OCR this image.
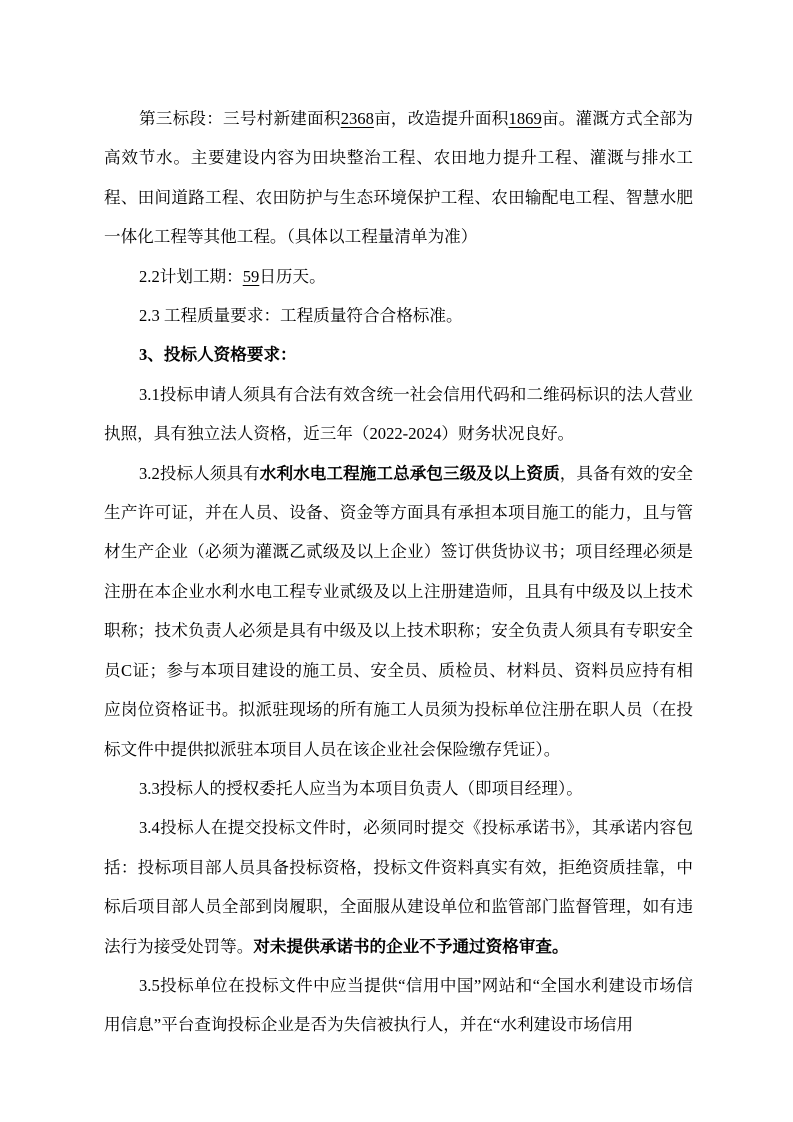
第三标段：三号村新建面积2368亩，改造提升面积1869亩。灌溉方式全部为高效节水。主要建设内容为田块整治工程、农田地力提升工程、灌溉与排水工程、田间道路工程、农田防护与生态环境保护工程、农田输配电工程、智慧水肥一体化工程等其他工程。（具体以工程量清单为准）

2.2计划工期：59日历天。

2.3 工程质量要求：工程质量符合合格标准。

3、投标人资格要求：

3.1投标申请人须具有合法有效含统一社会信用代码和二维码标识的法人营业执照，具有独立法人资格，近三年（2022-2024）财务状况良好。

3.2投标人须具有水利水电工程施工总承包三级及以上资质，具备有效的安全生产许可证，并在人员、设备、资金等方面具有承担本项目施工的能力，且与管材生产企业（必须为灌溉乙贰级及以上企业）签订供货协议书；项目经理必须是注册在本企业水利水电工程专业贰级及以上注册建造师，且具有中级及以上技术职称；技术负责人必须是具有中级及以上技术职称；安全负责人须具有专职安全员C证；参与本项目建设的施工员、安全员、质检员、材料员、资料员应持有相应岗位资格证书。拟派驻现场的所有施工人员须为投标单位注册在职人员（在投标文件中提供拟派驻本项目人员在该企业社会保险缴存凭证）。

3.3投标人的授权委托人应当为本项目负责人（即项目经理）。

3.4投标人在提交投标文件时，必须同时提交《投标承诺书》，其承诺内容包括：投标项目部人员具备投标资格，投标文件资料真实有效，拒绝资质挂靠，中标后项目部人员全部到岗履职，全面服从建设单位和监管部门监督管理，如有违法行为接受处罚等。对未提供承诺书的企业不予通过资格审查。

3.5投标单位在投标文件中应当提供“信用中国”网站和“全国水利建设市场信用信息”平台查询投标企业是否为失信被执行人，并在“水利建设市场信用
